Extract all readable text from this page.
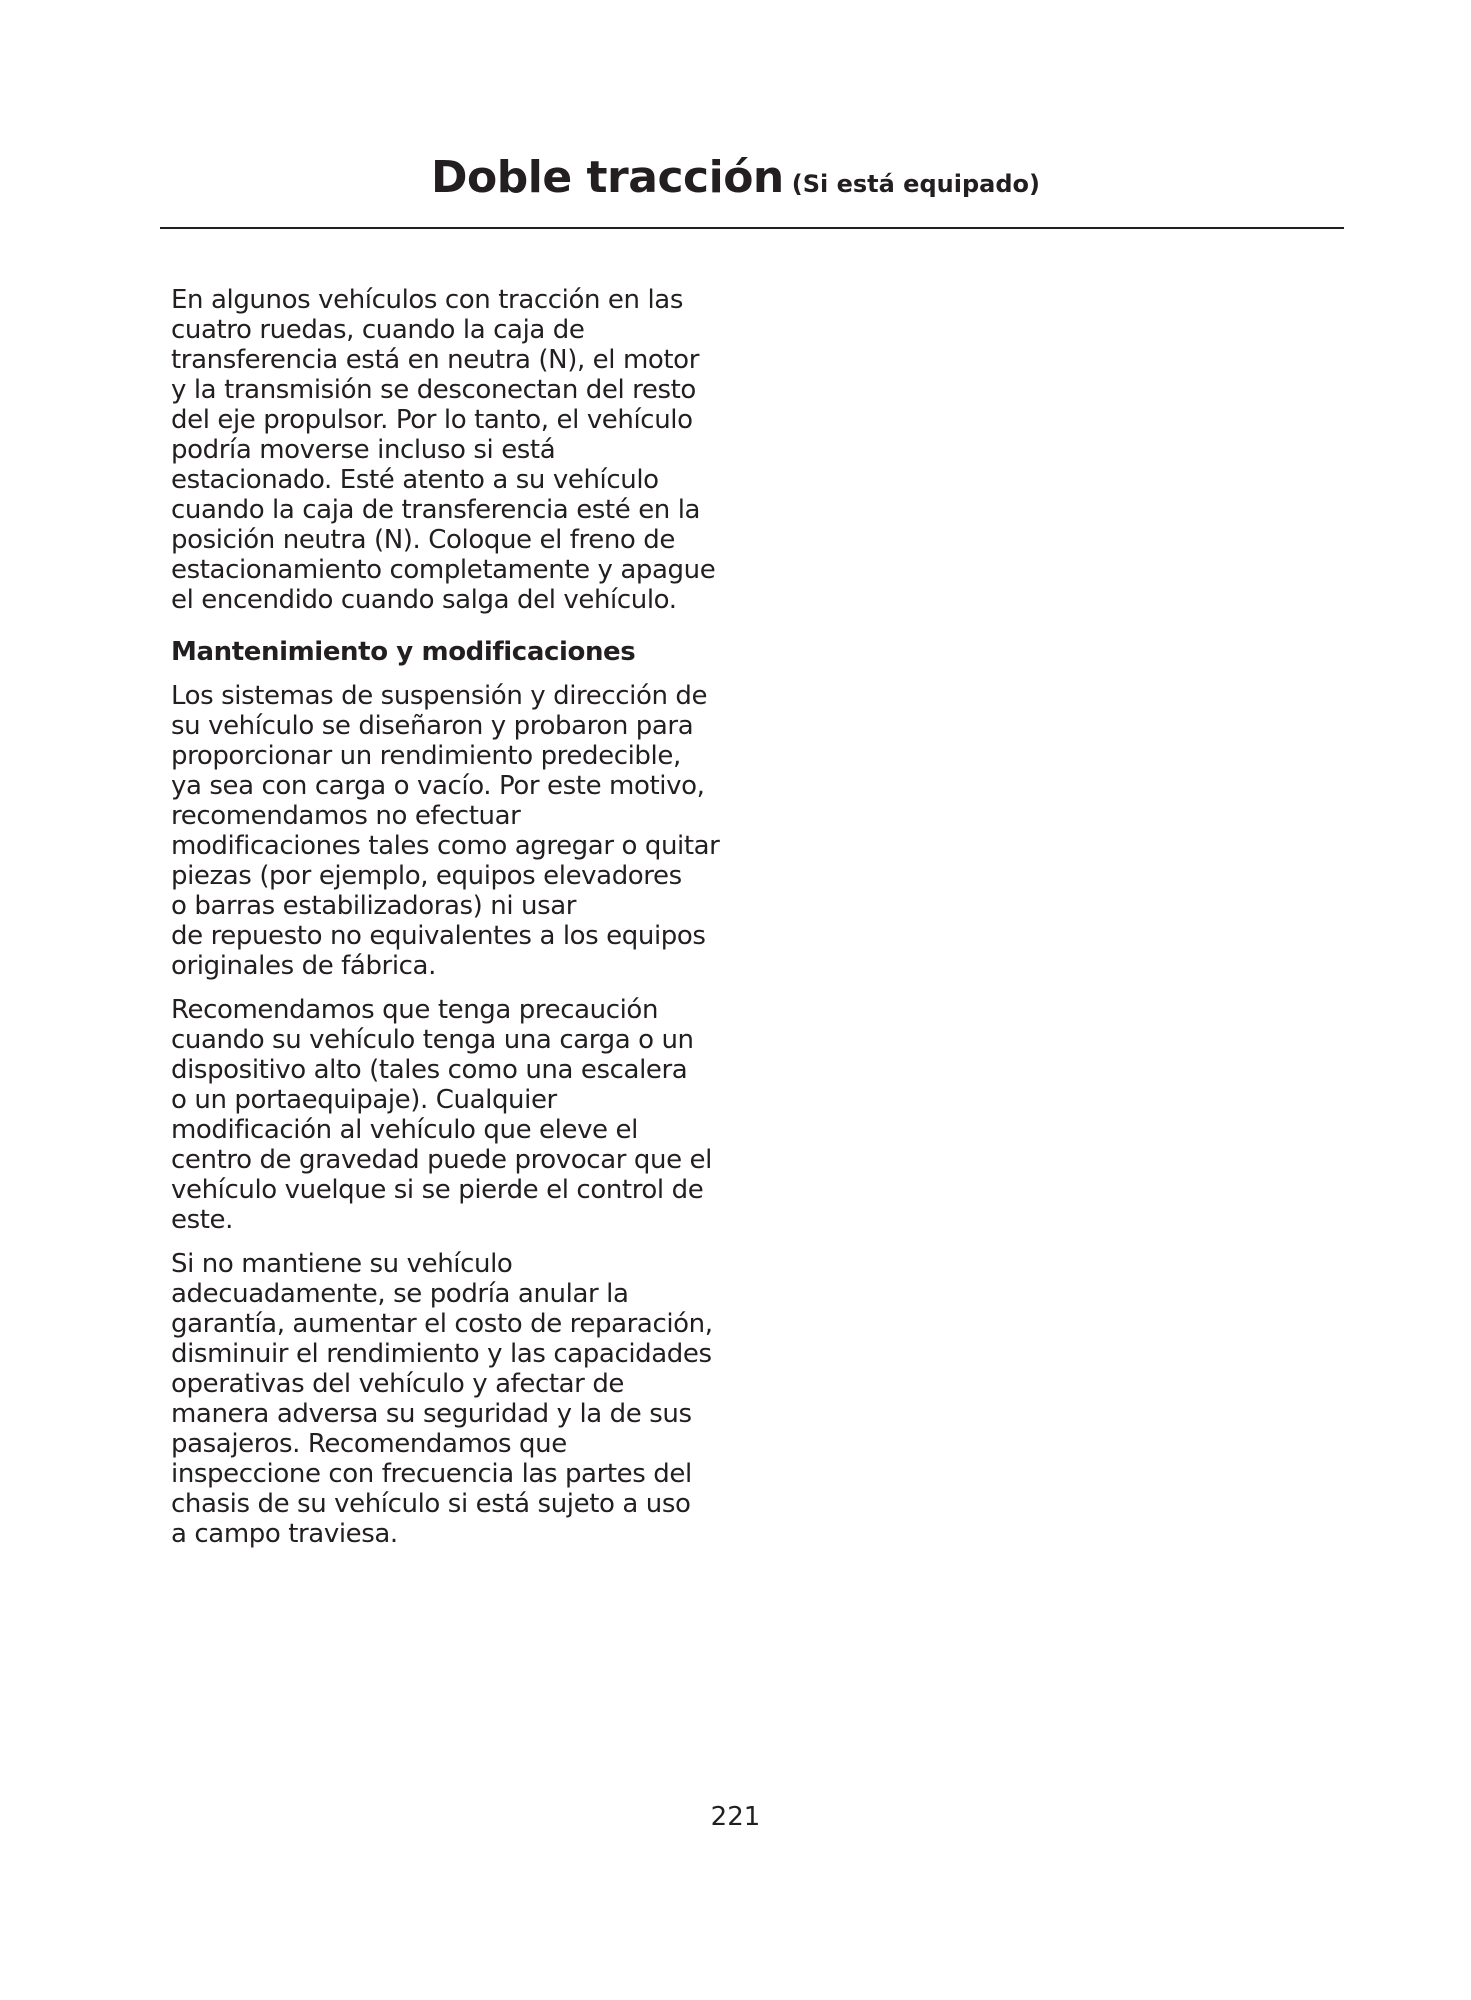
Doble tracción (Si está equipado)

En algunos vehículos con tracción en las
cuatro ruedas, cuando la caja de
transferencia está en neutra (N), el motor
y la transmisión se desconectan del resto
del eje propulsor. Por lo tanto, el vehículo
podría moverse incluso si está
estacionado. Esté atento a su vehículo
cuando la caja de transferencia esté en la
posición neutra (N). Coloque el freno de
estacionamiento completamente y apague
el encendido cuando salga del vehículo.

Mantenimiento y modificaciones

Los sistemas de suspensión y dirección de
su vehículo se diseñaron y probaron para
proporcionar un rendimiento predecible,
ya sea con carga o vacío. Por este motivo,
recomendamos no efectuar
modificaciones tales como agregar o quitar
piezas (por ejemplo, equipos elevadores
o barras estabilizadoras) ni usar
de repuesto no equivalentes a los equipos
originales de fábrica.

Recomendamos que tenga precaución
cuando su vehículo tenga una carga o un
dispositivo alto (tales como una escalera
o un portaequipaje). Cualquier
modificación al vehículo que eleve el
centro de gravedad puede provocar que el
vehículo vuelque si se pierde el control de
este.

Si no mantiene su vehículo
adecuadamente, se podría anular la
garantía, aumentar el costo de reparación,
disminuir el rendimiento y las capacidades
operativas del vehículo y afectar de
manera adversa su seguridad y la de sus
pasajeros. Recomendamos que
inspeccione con frecuencia las partes del
chasis de su vehículo si está sujeto a uso
a campo traviesa.

221
